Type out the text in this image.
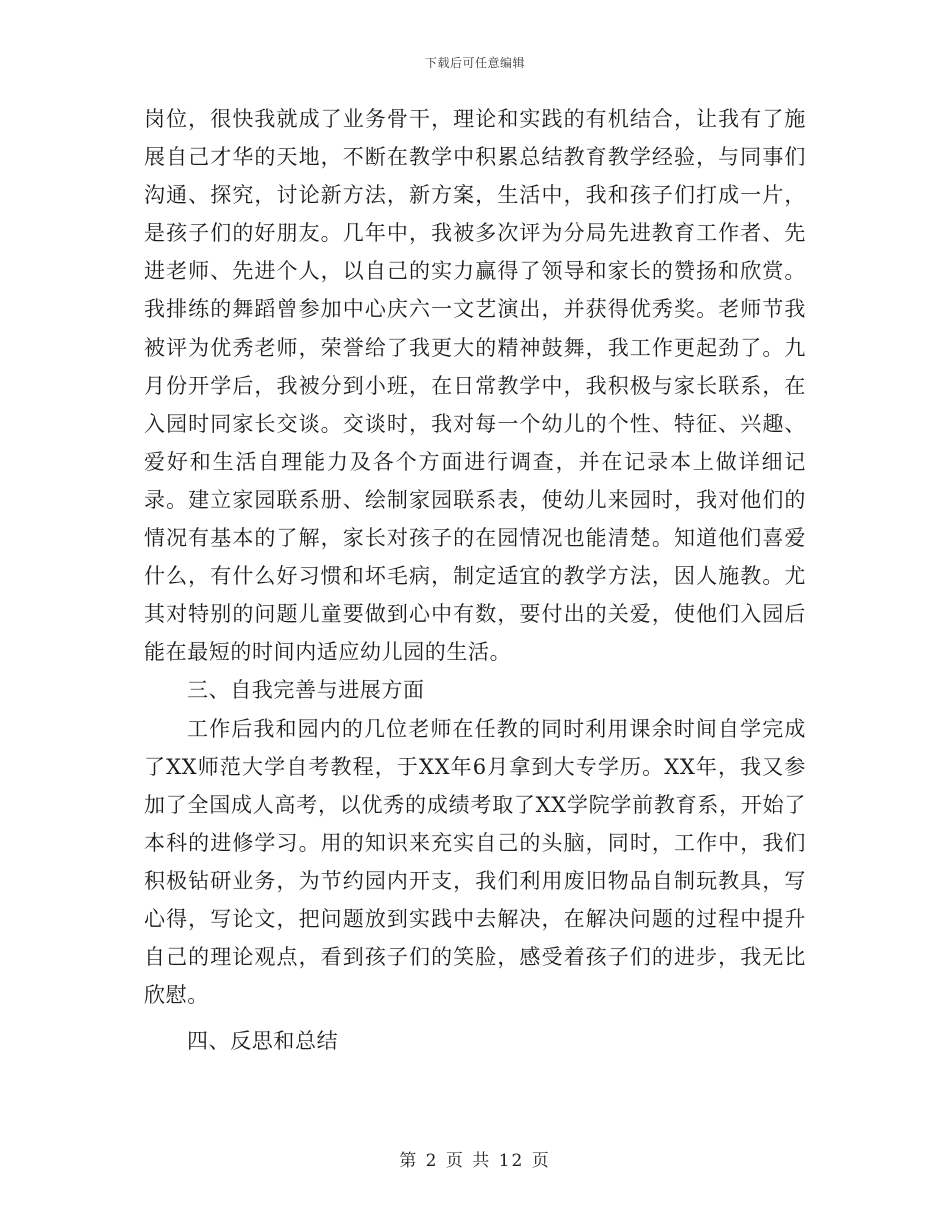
下载后可任意编辑

岗位，很快我就成了业务骨干，理论和实践的有机结合，让我有了施展自己才华的天地，不断在教学中积累总结教育教学经验，与同事们沟通、探究，讨论新方法，新方案，生活中，我和孩子们打成一片，是孩子们的好朋友。几年中，我被多次评为分局先进教育工作者、先进老师、先进个人，以自己的实力赢得了领导和家长的赞扬和欣赏。我排练的舞蹈曾参加中心庆六一文艺演出，并获得优秀奖。老师节我被评为优秀老师，荣誉给了我更大的精神鼓舞，我工作更起劲了。九月份开学后，我被分到小班，在日常教学中，我积极与家长联系，在入园时同家长交谈。交谈时，我对每一个幼儿的个性、特征、兴趣、爱好和生活自理能力及各个方面进行调查，并在记录本上做详细记录。建立家园联系册、绘制家园联系表，使幼儿来园时，我对他们的情况有基本的了解，家长对孩子的在园情况也能清楚。知道他们喜爱什么，有什么好习惯和坏毛病，制定适宜的教学方法，因人施教。尤其对特别的问题儿童要做到心中有数，要付出的关爱，使他们入园后能在最短的时间内适应幼儿园的生活。

三、自我完善与进展方面

工作后我和园内的几位老师在任教的同时利用课余时间自学完成了XX师范大学自考教程，于XX年6月拿到大专学历。XX年，我又参加了全国成人高考，以优秀的成绩考取了XX学院学前教育系，开始了本科的进修学习。用的知识来充实自己的头脑，同时，工作中，我们积极钻研业务，为节约园内开支，我们利用废旧物品自制玩教具，写心得，写论文，把问题放到实践中去解决，在解决问题的过程中提升自己的理论观点，看到孩子们的笑脸，感受着孩子们的进步，我无比欣慰。

四、反思和总结

第 2 页 共 12 页
